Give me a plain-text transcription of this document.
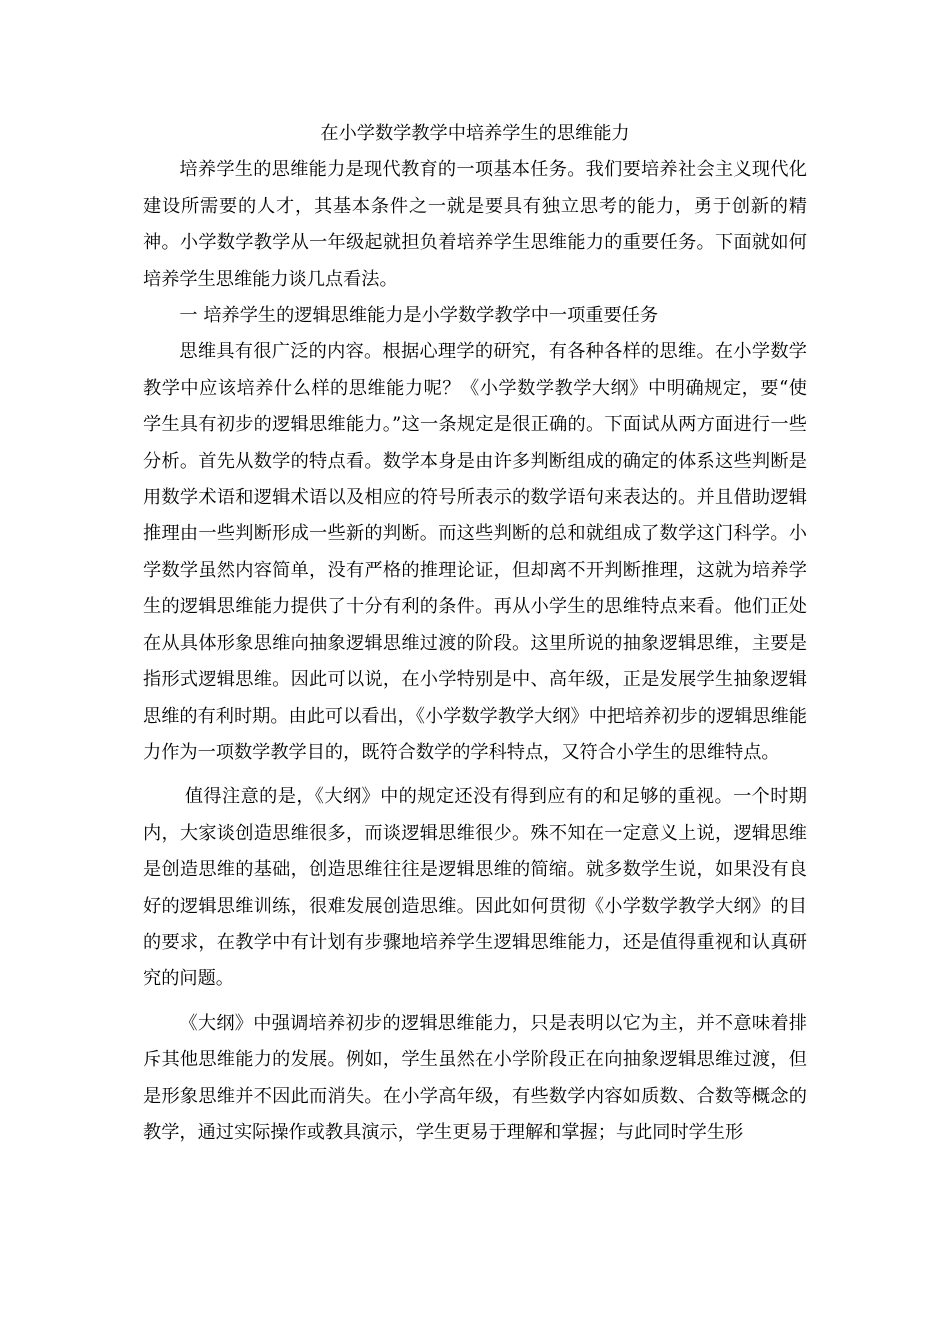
在小学数学教学中培养学生的思维能力

培养学生的思维能力是现代教育的一项基本任务。我们要培养社会主义现代化建设所需要的人才，其基本条件之一就是要具有独立思考的能力，勇于创新的精神。小学数学教学从一年级起就担负着培养学生思维能力的重要任务。下面就如何培养学生思维能力谈几点看法。

一 培养学生的逻辑思维能力是小学数学教学中一项重要任务

思维具有很广泛的内容。根据心理学的研究，有各种各样的思维。在小学数学教学中应该培养什么样的思维能力呢？《小学数学教学大纲》中明确规定，要“使学生具有初步的逻辑思维能力。”这一条规定是很正确的。下面试从两方面进行一些分析。首先从数学的特点看。数学本身是由许多判断组成的确定的体系这些判断是用数学术语和逻辑术语以及相应的符号所表示的数学语句来表达的。并且借助逻辑推理由一些判断形成一些新的判断。而这些判断的总和就组成了数学这门科学。小学数学虽然内容简单，没有严格的推理论证，但却离不开判断推理，这就为培养学生的逻辑思维能力提供了十分有利的条件。再从小学生的思维特点来看。他们正处在从具体形象思维向抽象逻辑思维过渡的阶段。这里所说的抽象逻辑思维，主要是指形式逻辑思维。因此可以说，在小学特别是中、高年级，正是发展学生抽象逻辑思维的有利时期。由此可以看出，《小学数学教学大纲》中把培养初步的逻辑思维能力作为一项数学教学目的，既符合数学的学科特点，又符合小学生的思维特点。

值得注意的是，《大纲》中的规定还没有得到应有的和足够的重视。一个时期内，大家谈创造思维很多，而谈逻辑思维很少。殊不知在一定意义上说，逻辑思维是创造思维的基础，创造思维往往是逻辑思维的简缩。就多数学生说，如果没有良好的逻辑思维训练，很难发展创造思维。因此如何贯彻《小学数学教学大纲》的目的要求，在教学中有计划有步骤地培养学生逻辑思维能力，还是值得重视和认真研究的问题。

《大纲》中强调培养初步的逻辑思维能力，只是表明以它为主，并不意味着排斥其他思维能力的发展。例如，学生虽然在小学阶段正在向抽象逻辑思维过渡，但是形象思维并不因此而消失。在小学高年级，有些数学内容如质数、合数等概念的教学，通过实际操作或教具演示，学生更易于理解和掌握；与此同时学生形
